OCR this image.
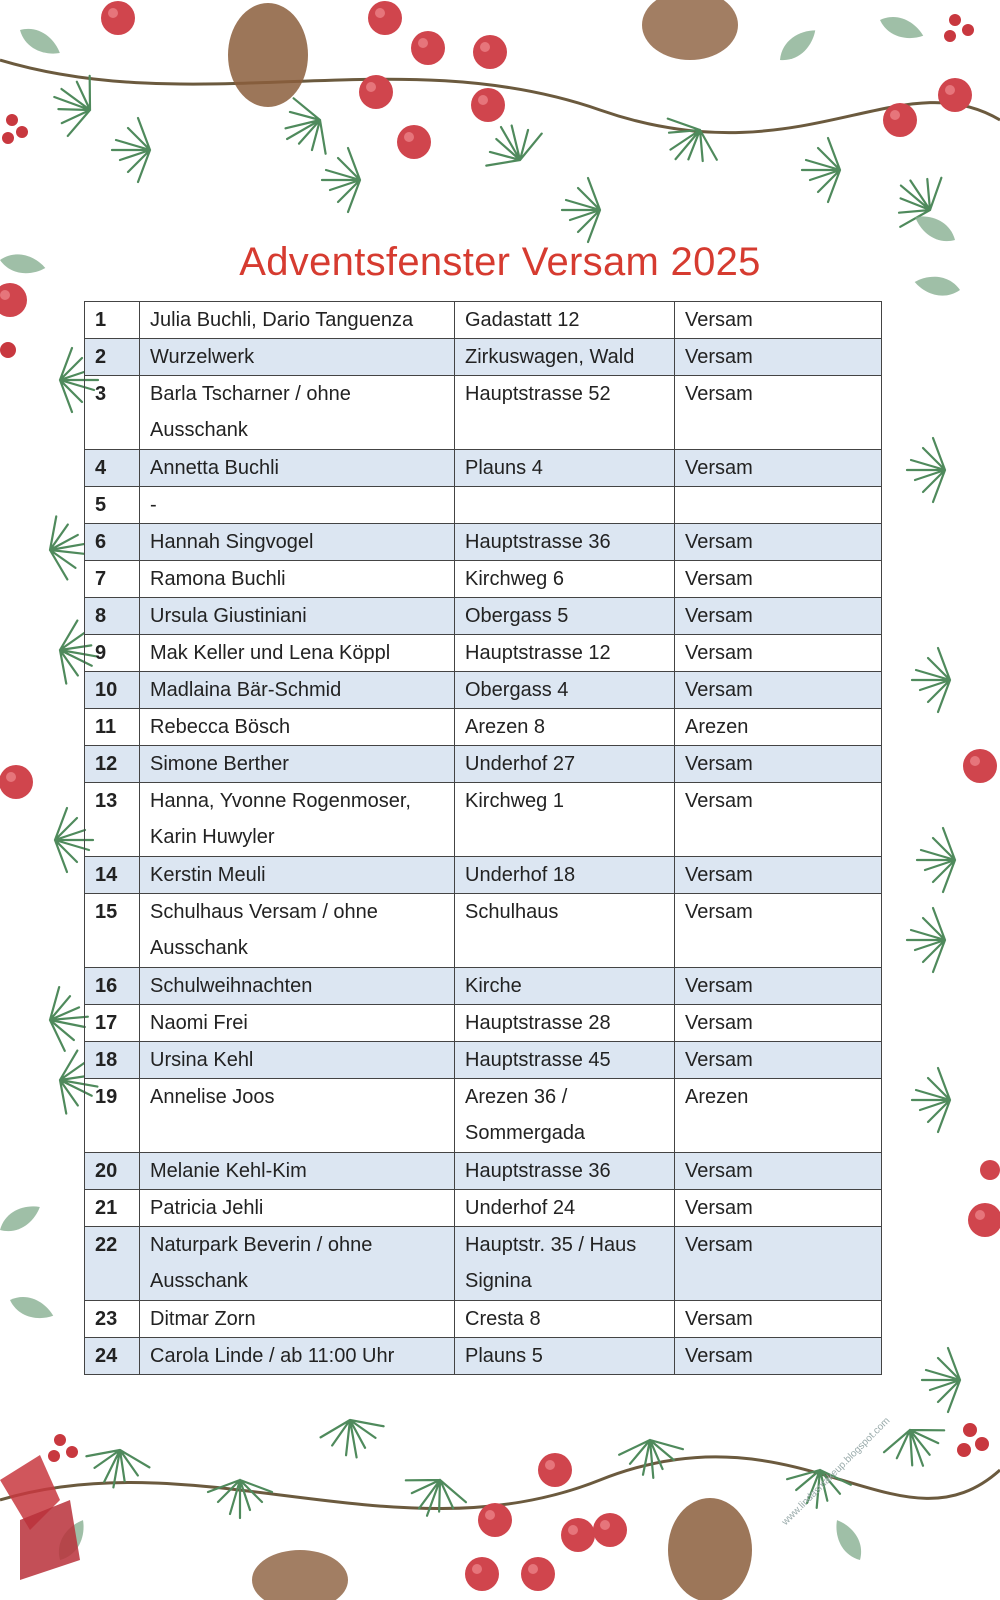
Adventsfenster Versam 2025
1	Julia Buchli, Dario Tanguenza	Gadastatt 12	Versam
2	Wurzelwerk	Zirkuswagen, Wald	Versam
3	Barla Tscharner / ohne Ausschank	Hauptstrasse 52	Versam
4	Annetta Buchli	Plauns 4	Versam
5	-		
6	Hannah Singvogel	Hauptstrasse 36	Versam
7	Ramona Buchli	Kirchweg 6	Versam
8	Ursula Giustiniani	Obergass 5	Versam
9	Mak Keller und Lena Köppl	Hauptstrasse 12	Versam
10	Madlaina Bär-Schmid	Obergass 4	Versam
11	Rebecca Bösch	Arezen 8	Arezen
12	Simone Berther	Underhof 27	Versam
13	Hanna, Yvonne Rogenmoser, Karin Huwyler	Kirchweg 1	Versam
14	Kerstin Meuli	Underhof 18	Versam
15	Schulhaus Versam / ohne Ausschank	Schulhaus	Versam
16	Schulweihnachten	Kirche	Versam
17	Naomi Frei	Hauptstrasse 28	Versam
18	Ursina Kehl	Hauptstrasse 45	Versam
19	Annelise Joos	Arezen 36 / Sommergada	Arezen
20	Melanie Kehl-Kim	Hauptstrasse 36	Versam
21	Patricia Jehli	Underhof 24	Versam
22	Naturpark Beverin / ohne Ausschank	Hauptstr. 35 / Haus Signina	Versam
23	Ditmar Zorn	Cresta 8	Versam
24	Carola Linde / ab 11:00 Uhr	Plauns 5	Versam
www.lindasmakeup.blogspot.com
